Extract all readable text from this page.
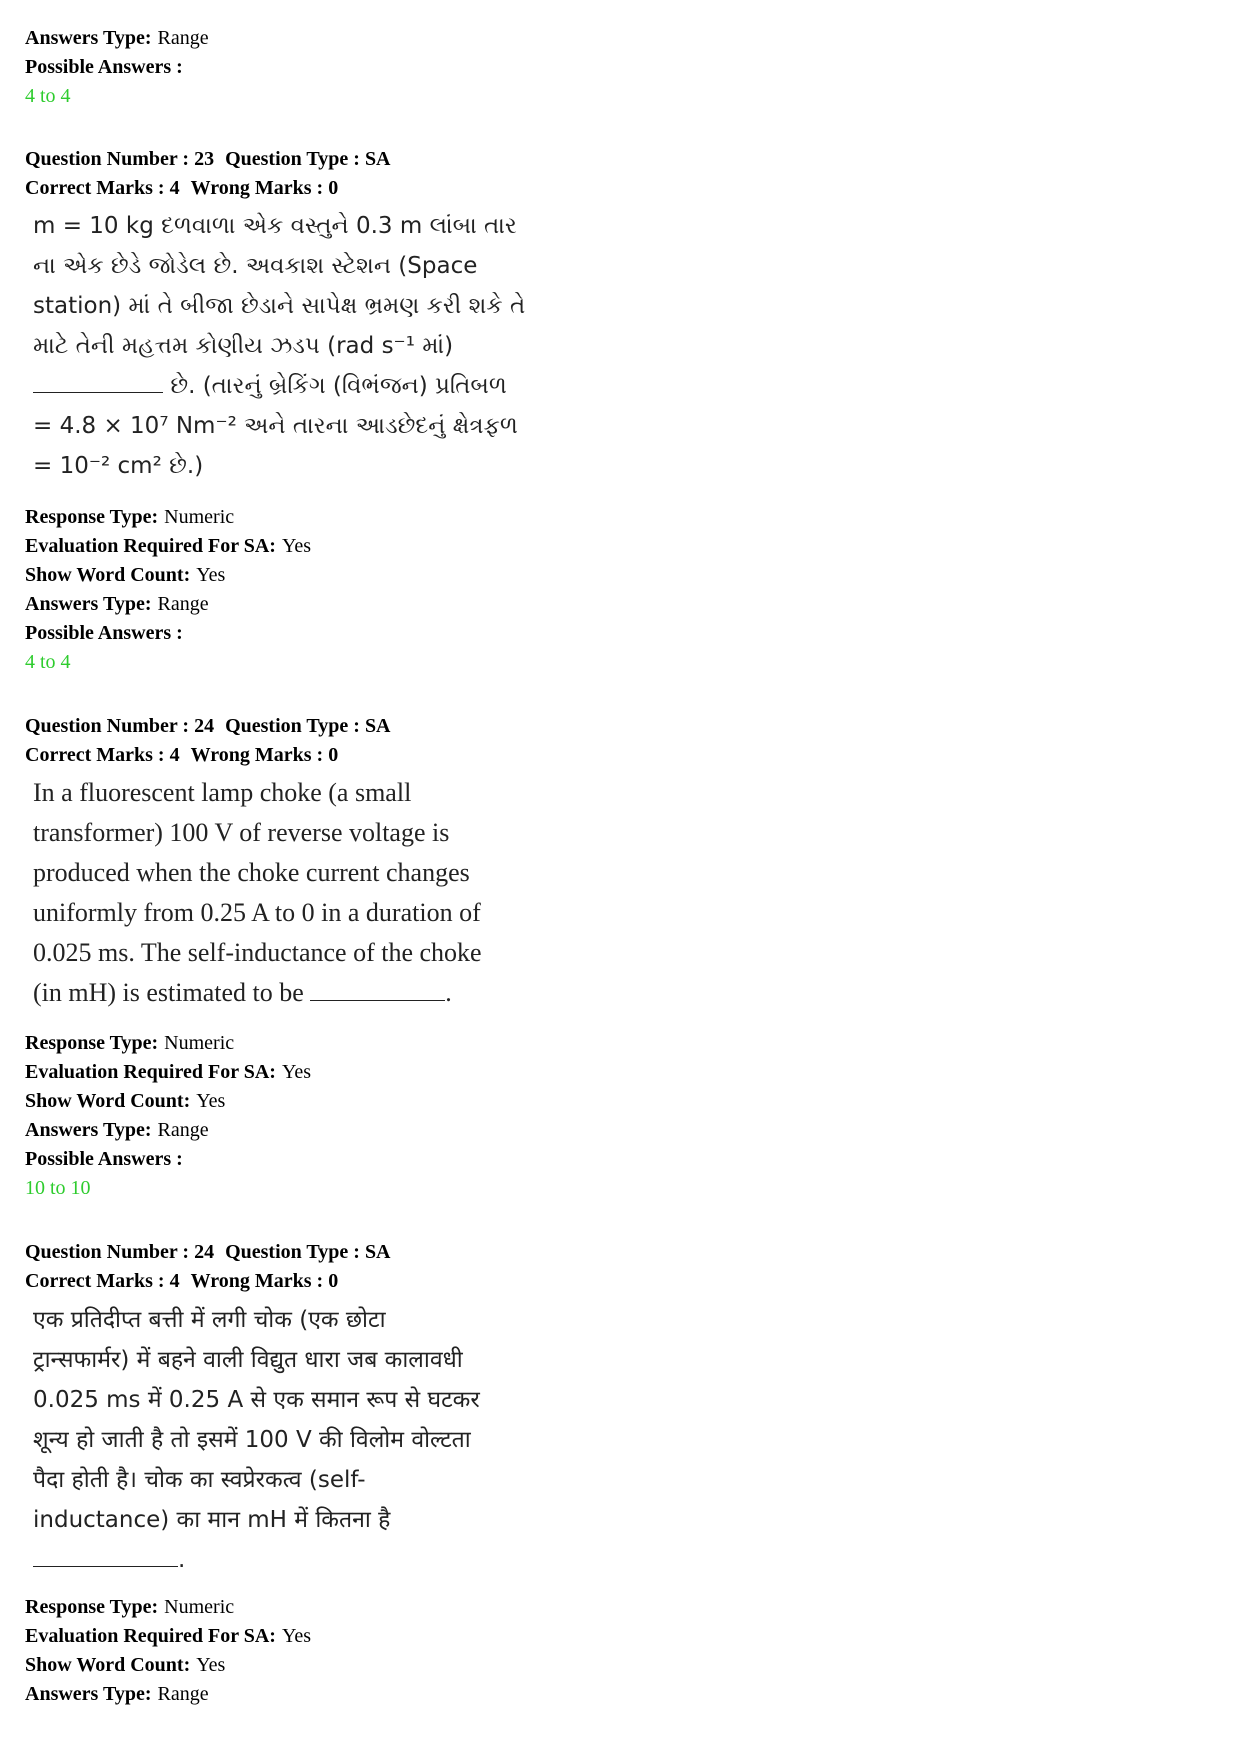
Answers Type: Range
Possible Answers :
4 to 4
Question Number : 23 Question Type : SA
Correct Marks : 4 Wrong Marks : 0

m = 10 kg દળવાળા એક વસ્તુને 0.3 m લાંબા તાર

ના એક છેડે જોડેલ છે. અવકાશ સ્ટેશન (Space

station) માં તે બીજા છેડાને સાપેક્ષ ભ્રમણ કરી શકે તે

માટે તેની મહત્તમ કોણીય ઝડપ (rad s⁻¹ માં)

છે. (તારનું બ્રેકિંગ (વિભંજન) પ્રતિબળ

= 4.8 × 10⁷ Nm⁻² અને તારના આડછેદનું ક્ષેત્રફળ

= 10⁻² cm² છે.)

Response Type: Numeric
Evaluation Required For SA: Yes
Show Word Count: Yes
Answers Type: Range
Possible Answers :
4 to 4
Question Number : 24 Question Type : SA
Correct Marks : 4 Wrong Marks : 0

In a fluorescent lamp choke (a small

transformer) 100 V of reverse voltage is

produced when the choke current changes

uniformly from 0.25 A to 0 in a duration of

0.025 ms. The self-inductance of the choke

(in mH) is estimated to be	.

Response Type: Numeric
Evaluation Required For SA: Yes
Show Word Count: Yes
Answers Type: Range
Possible Answers :
10 to 10
Question Number : 24 Question Type : SA
Correct Marks : 4 Wrong Marks : 0

एक प्रतिदीप्त बत्ती में लगी चोक (एक छोटा

ट्रान्सफार्मर) में बहने वाली विद्युत धारा जब कालावधी

0.025 ms में 0.25 A से एक समान रूप से घटकर

शून्य हो जाती है तो इसमें 100 V की विलोम वोल्टता

पैदा होती है। चोक का स्वप्रेरकत्व (self-

inductance) का मान mH में कितना है

.

Response Type: Numeric
Evaluation Required For SA: Yes
Show Word Count: Yes
Answers Type: Range
